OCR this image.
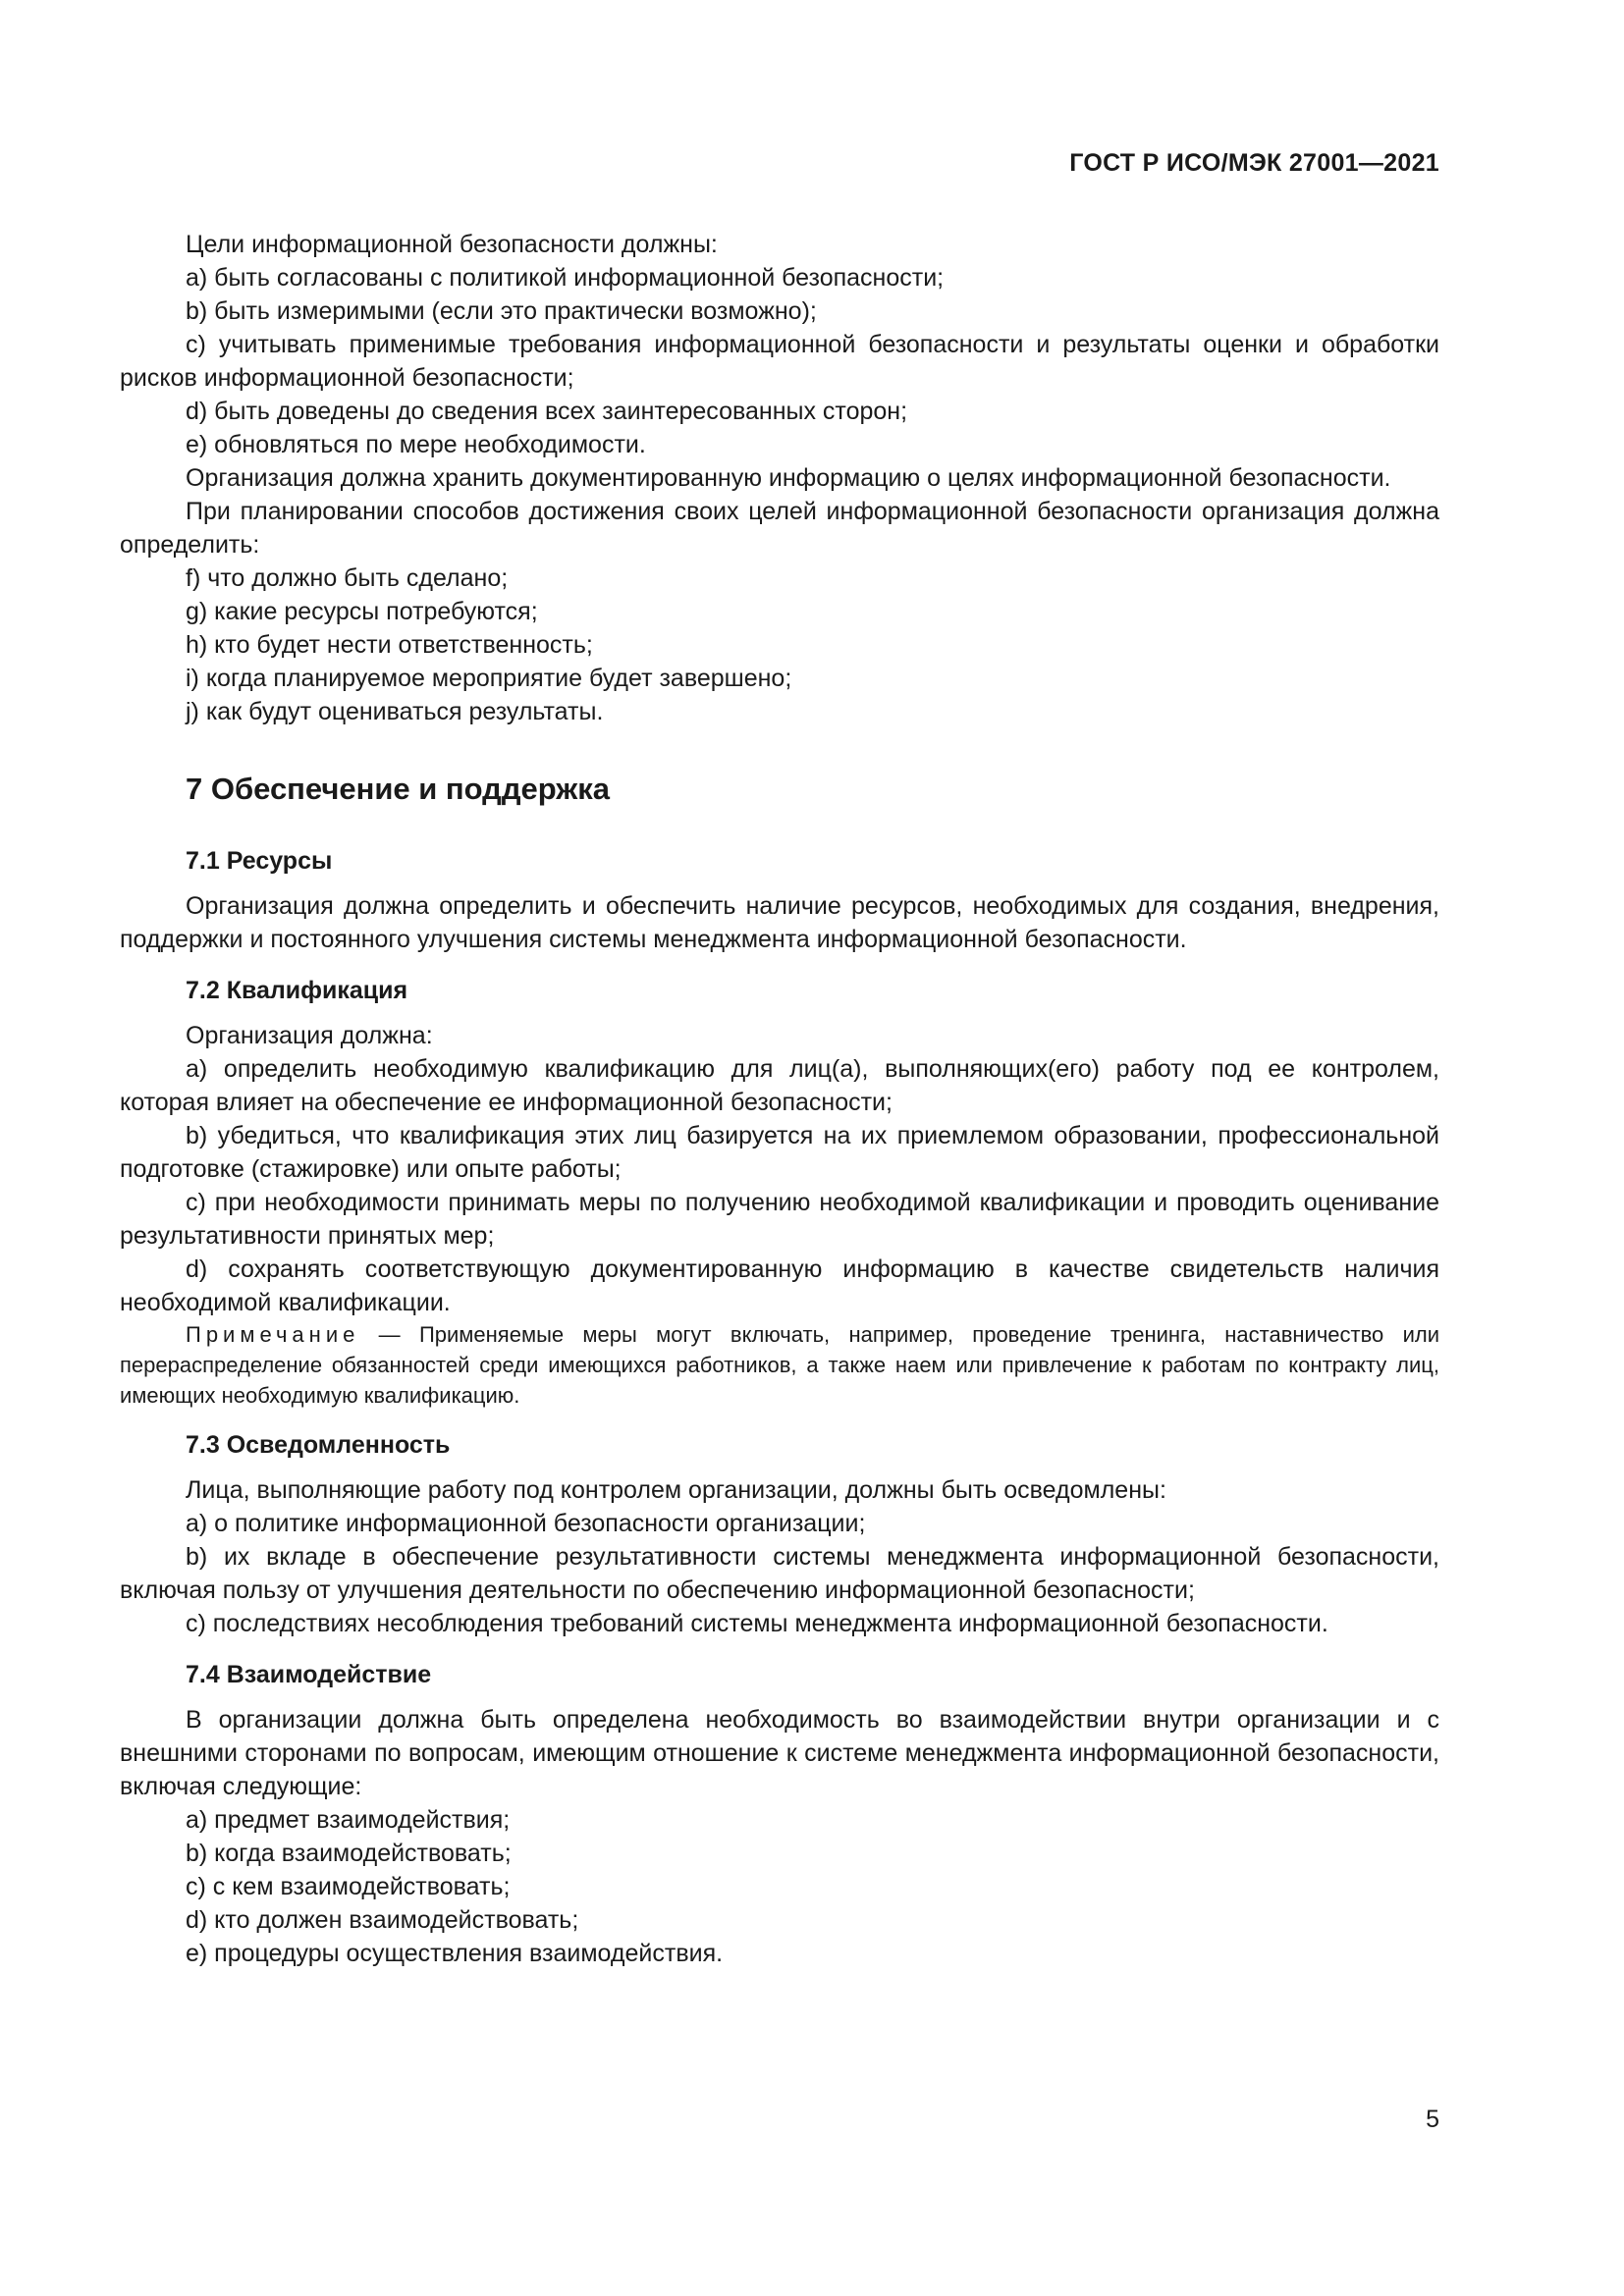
ГОСТ Р ИСО/МЭК 27001—2021

Цели информационной безопасности должны:

a) быть согласованы с политикой информационной безопасности;

b) быть измеримыми (если это практически возможно);

c) учитывать применимые требования информационной безопасности и результаты оценки и обработки рисков информационной безопасности;

d) быть доведены до сведения всех заинтересованных сторон;

e) обновляться по мере необходимости.

Организация должна хранить документированную информацию о целях информационной безопасности.

При планировании способов достижения своих целей информационной безопасности организация должна определить:

f) что должно быть сделано;

g) какие ресурсы потребуются;

h) кто будет нести ответственность;

i) когда планируемое мероприятие будет завершено;

j) как будут оцениваться результаты.

7 Обеспечение и поддержка
7.1 Ресурсы

Организация должна определить и обеспечить наличие ресурсов, необходимых для создания, внедрения, поддержки и постоянного улучшения системы менеджмента информационной безопасности.

7.2 Квалификация

Организация должна:

a) определить необходимую квалификацию для лиц(а), выполняющих(его) работу под ее контролем, которая влияет на обеспечение ее информационной безопасности;

b) убедиться, что квалификация этих лиц базируется на их приемлемом образовании, профессиональной подготовке (стажировке) или опыте работы;

c) при необходимости принимать меры по получению необходимой квалификации и проводить оценивание результативности принятых мер;

d) сохранять соответствующую документированную информацию в качестве свидетельств наличия необходимой квалификации.

Примечание — Применяемые меры могут включать, например, проведение тренинга, наставничество или перераспределение обязанностей среди имеющихся работников, а также наем или привлечение к работам по контракту лиц, имеющих необходимую квалификацию.

7.3 Осведомленность

Лица, выполняющие работу под контролем организации, должны быть осведомлены:

a) о политике информационной безопасности организации;

b) их вкладе в обеспечение результативности системы менеджмента информационной безопасности, включая пользу от улучшения деятельности по обеспечению информационной безопасности;

c) последствиях несоблюдения требований системы менеджмента информационной безопасности.

7.4 Взаимодействие

В организации должна быть определена необходимость во взаимодействии внутри организации и с внешними сторонами по вопросам, имеющим отношение к системе менеджмента информационной безопасности, включая следующие:

a) предмет взаимодействия;

b) когда взаимодействовать;

c) с кем взаимодействовать;

d) кто должен взаимодействовать;

e) процедуры осуществления взаимодействия.

5
